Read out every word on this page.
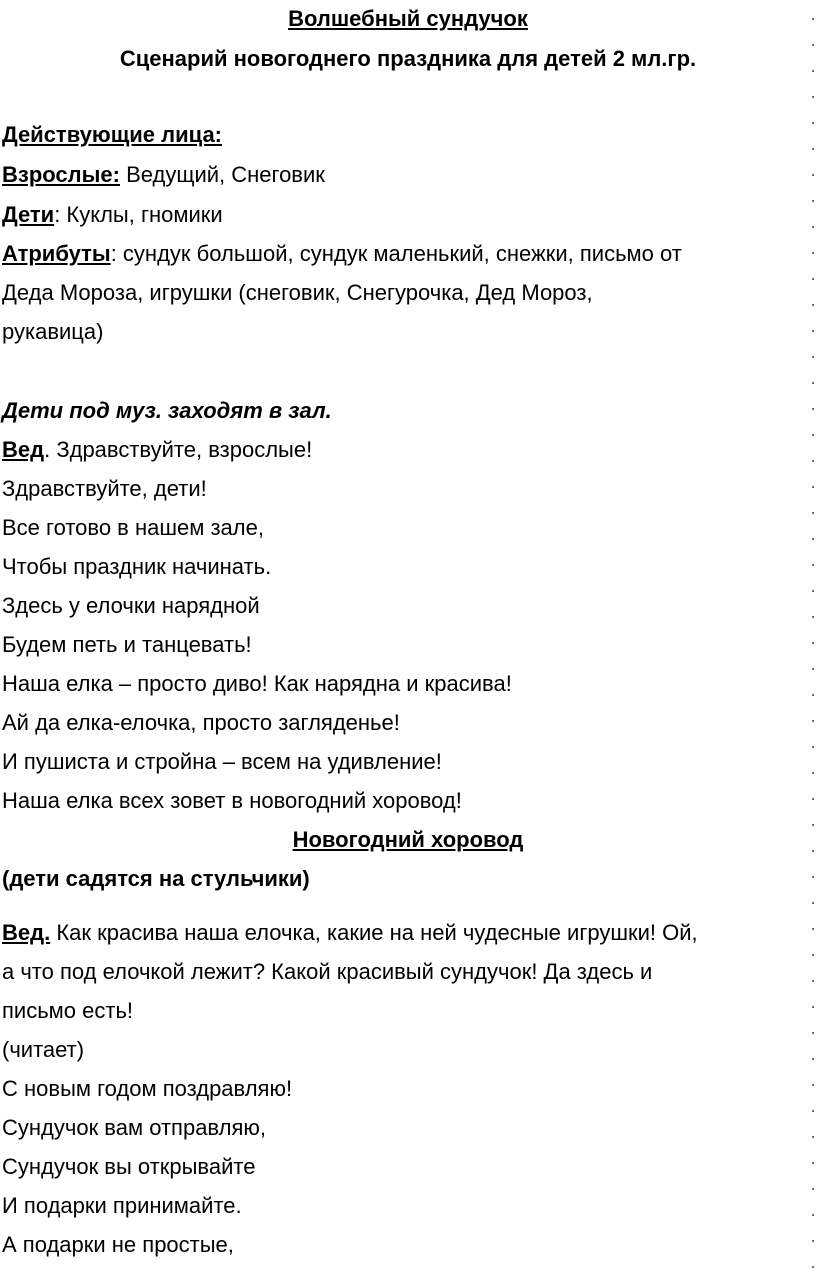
Волшебный сундучок
Сценарий новогоднего праздника для детей 2 мл.гр.
Действующие лица:
Взрослые: Ведущий, Снеговик
Дети: Куклы, гномики
Атрибуты: сундук большой, сундук маленький, снежки, письмо от
Деда Мороза, игрушки (снеговик, Снегурочка, Дед Мороз,
рукавица)
Дети под муз. заходят в зал.
Вед. Здравствуйте, взрослые!
Здравствуйте, дети!
Все готово в нашем зале,
Чтобы праздник начинать.
Здесь у елочки нарядной
Будем петь и танцевать!
Наша елка – просто диво! Как нарядна и красива!
Ай да елка-елочка, просто загляденье!
И пушиста и стройна – всем на удивление!
Наша елка всех зовет в новогодний хоровод!
Новогодний хоровод
(дети садятся на стульчики)
Вед. Как красива наша елочка, какие на ней чудесные игрушки! Ой,
а что под елочкой лежит? Какой красивый сундучок! Да здесь и
письмо есть!
(читает)
С новым годом поздравляю!
Сундучок вам отправляю,
Сундучок вы открывайте
И подарки принимайте.
А подарки не простые,
